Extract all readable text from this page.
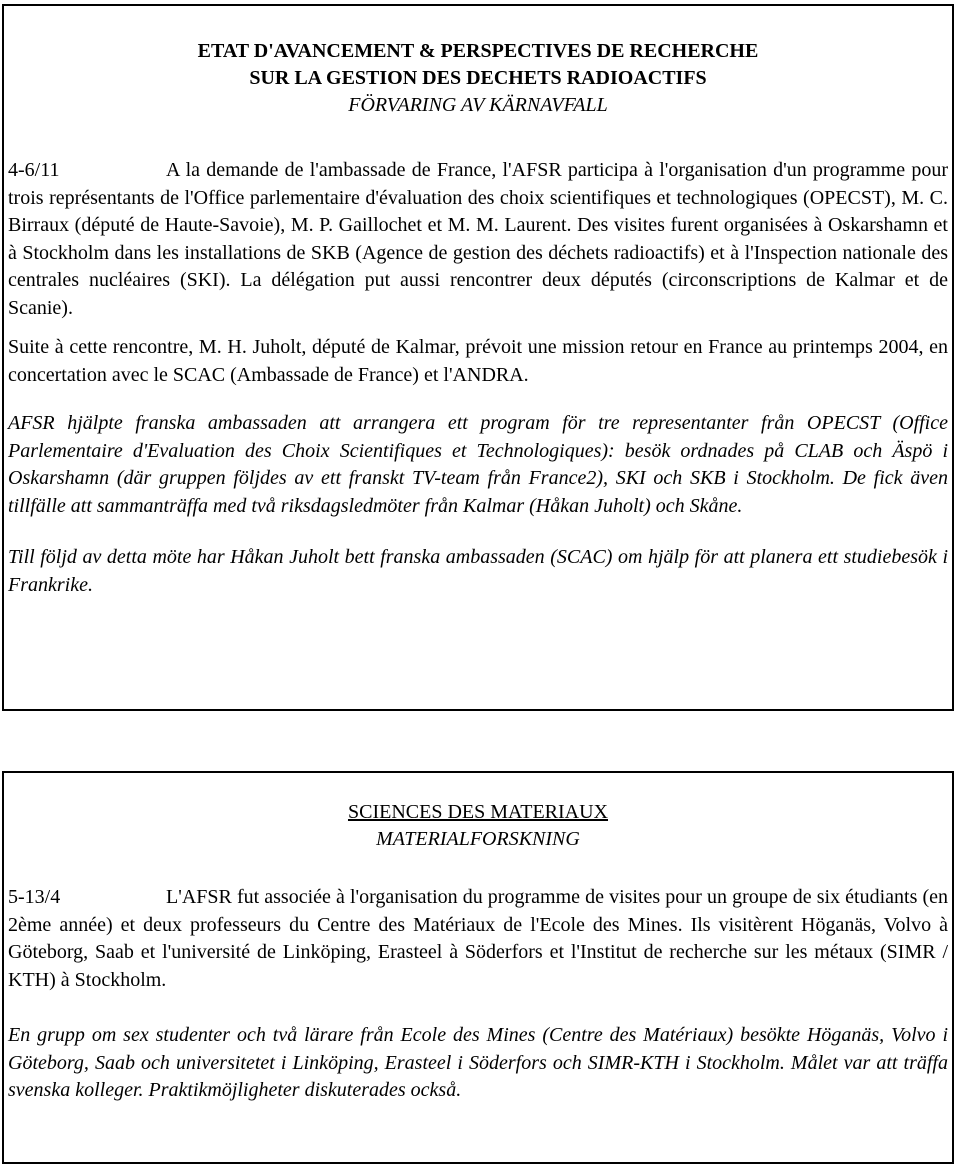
ETAT D'AVANCEMENT & PERSPECTIVES DE RECHERCHE
SUR LA GESTION DES DECHETS RADIOACTIFS
FÖRVARING AV KÄRNAVFALL

4-6/11	A la demande de l'ambassade de France, l'AFSR participa à l'organisation d'un programme pour trois représentants de l'Office parlementaire d'évaluation des choix scientifiques et technologiques (OPECST), M. C. Birraux (député de Haute-Savoie), M. P. Gaillochet et M. M. Laurent. Des visites furent organisées à Oskarshamn et à Stockholm dans les installations de SKB (Agence de gestion des déchets radioactifs) et à l'Inspection nationale des centrales nucléaires (SKI). La délégation put aussi rencontrer deux députés (circonscriptions de Kalmar et de Scanie).

Suite à cette rencontre, M. H. Juholt, député de Kalmar, prévoit une mission retour en France au printemps 2004, en concertation avec le SCAC (Ambassade de France) et l'ANDRA.

AFSR hjälpte franska ambassaden att arrangera ett program för tre representanter från OPECST (Office Parlementaire d'Evaluation des Choix Scientifiques et Technologiques): besök ordnades på CLAB och Äspö i Oskarshamn (där gruppen följdes av ett franskt TV-team från France2), SKI och SKB i Stockholm. De fick även tillfälle att sammanträffa med två riksdagsledmöter från Kalmar (Håkan Juholt) och Skåne.

Till följd av detta möte har Håkan Juholt bett franska ambassaden (SCAC) om hjälp för att planera ett studiebesök i Frankrike.

SCIENCES DES MATERIAUX
MATERIALFORSKNING

5-13/4	L'AFSR fut associée à l'organisation du programme de visites pour un groupe de six étudiants (en 2ème année) et deux professeurs du Centre des Matériaux de l'Ecole des Mines. Ils visitèrent Höganäs, Volvo à Göteborg, Saab et l'université de Linköping, Erasteel à Söderfors et l'Institut de recherche sur les métaux (SIMR / KTH) à Stockholm.

En grupp om sex studenter och två lärare från Ecole des Mines (Centre des Matériaux) besökte Höganäs, Volvo i Göteborg, Saab och universitetet i Linköping, Erasteel i Söderfors och SIMR-KTH i Stockholm. Målet var att träffa svenska kolleger. Praktikmöjligheter diskuterades också.
